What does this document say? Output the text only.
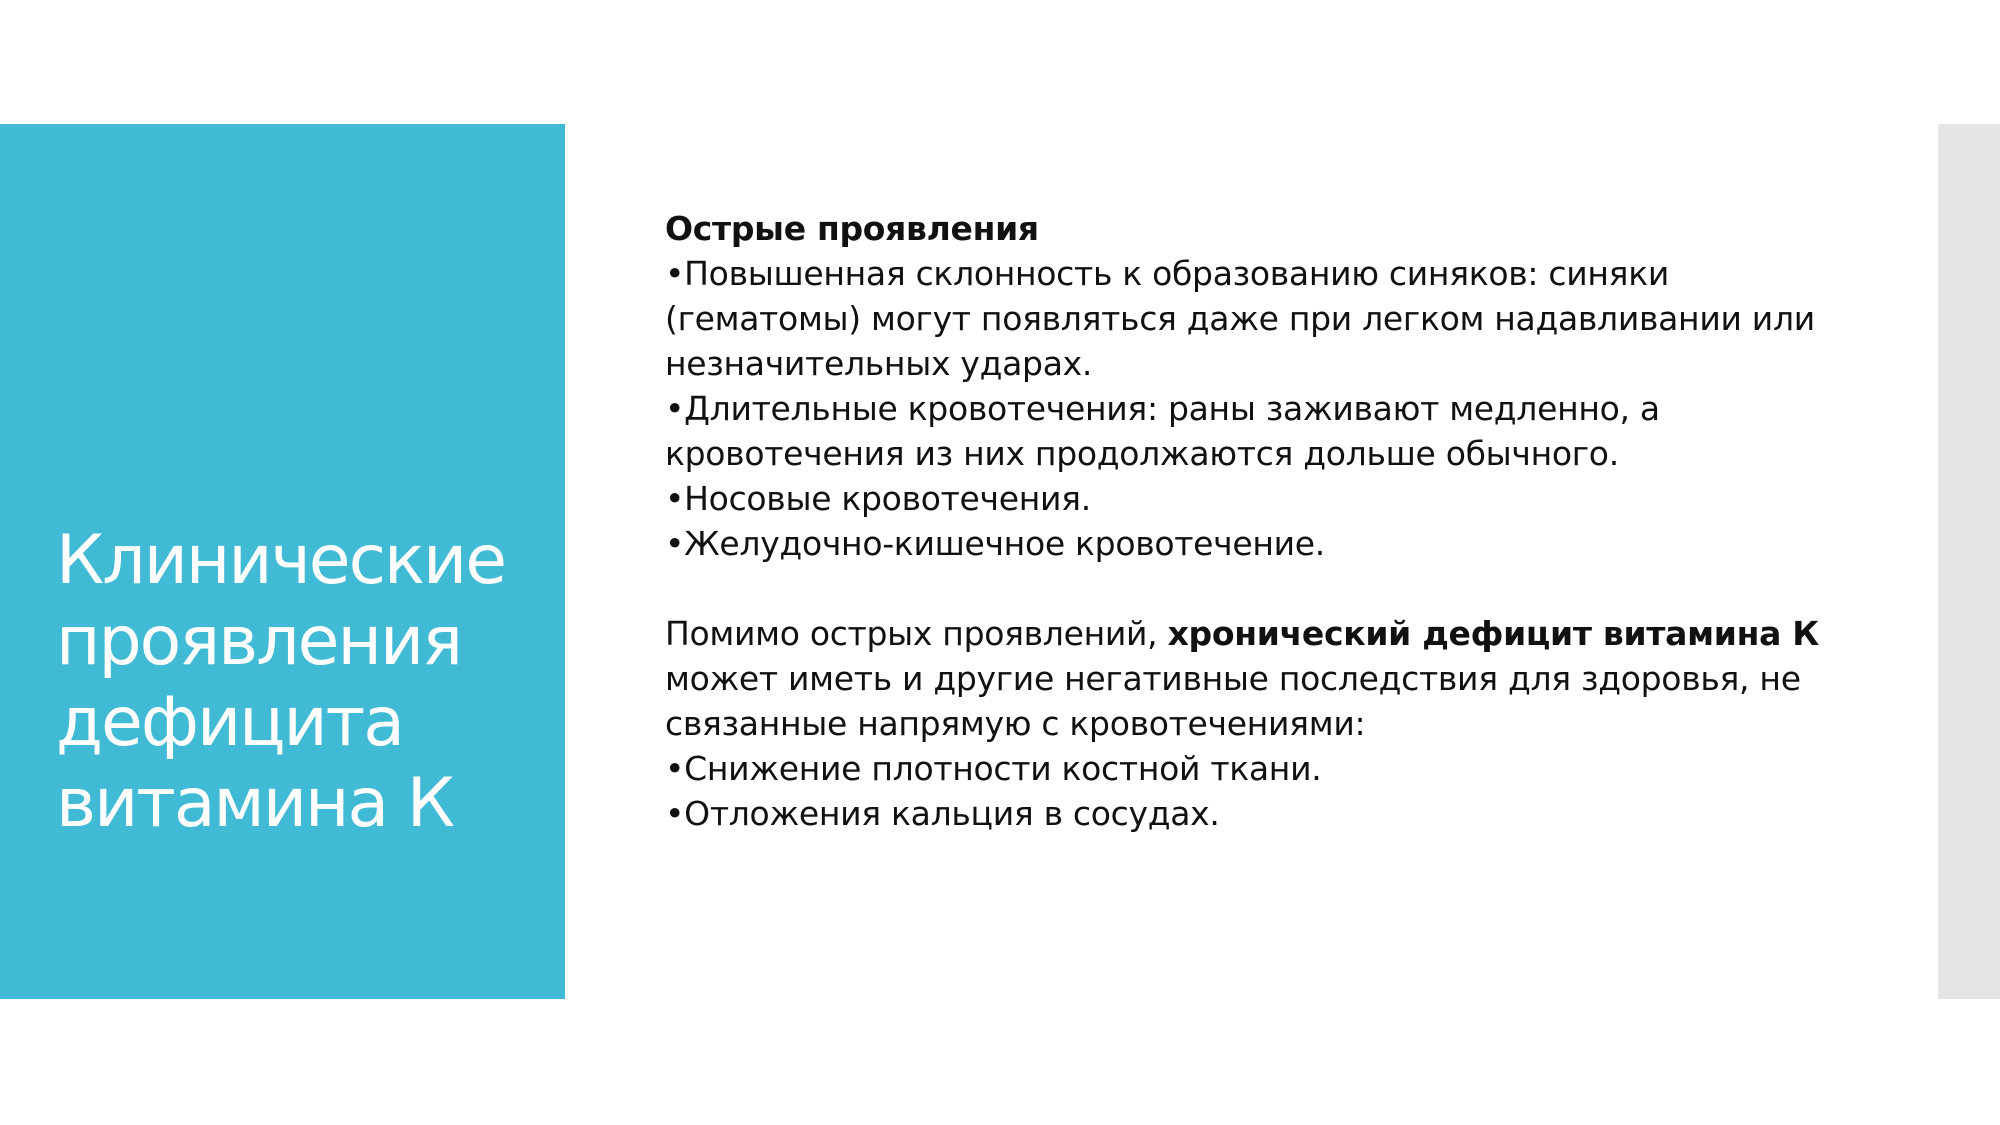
Клинические
проявления
дефицита
витамина К
Острые проявления
•Повышенная склонность к образованию синяков: синяки
(гематомы) могут появляться даже при легком надавливании или
незначительных ударах.
•Длительные кровотечения: раны заживают медленно, а
кровотечения из них продолжаются дольше обычного.
•Носовые кровотечения.
•Желудочно-кишечное кровотечение.
Помимо острых проявлений, хронический дефицит витамина К
может иметь и другие негативные последствия для здоровья, не
связанные напрямую с кровотечениями:
•Снижение плотности костной ткани.
•Отложения кальция в сосудах.
